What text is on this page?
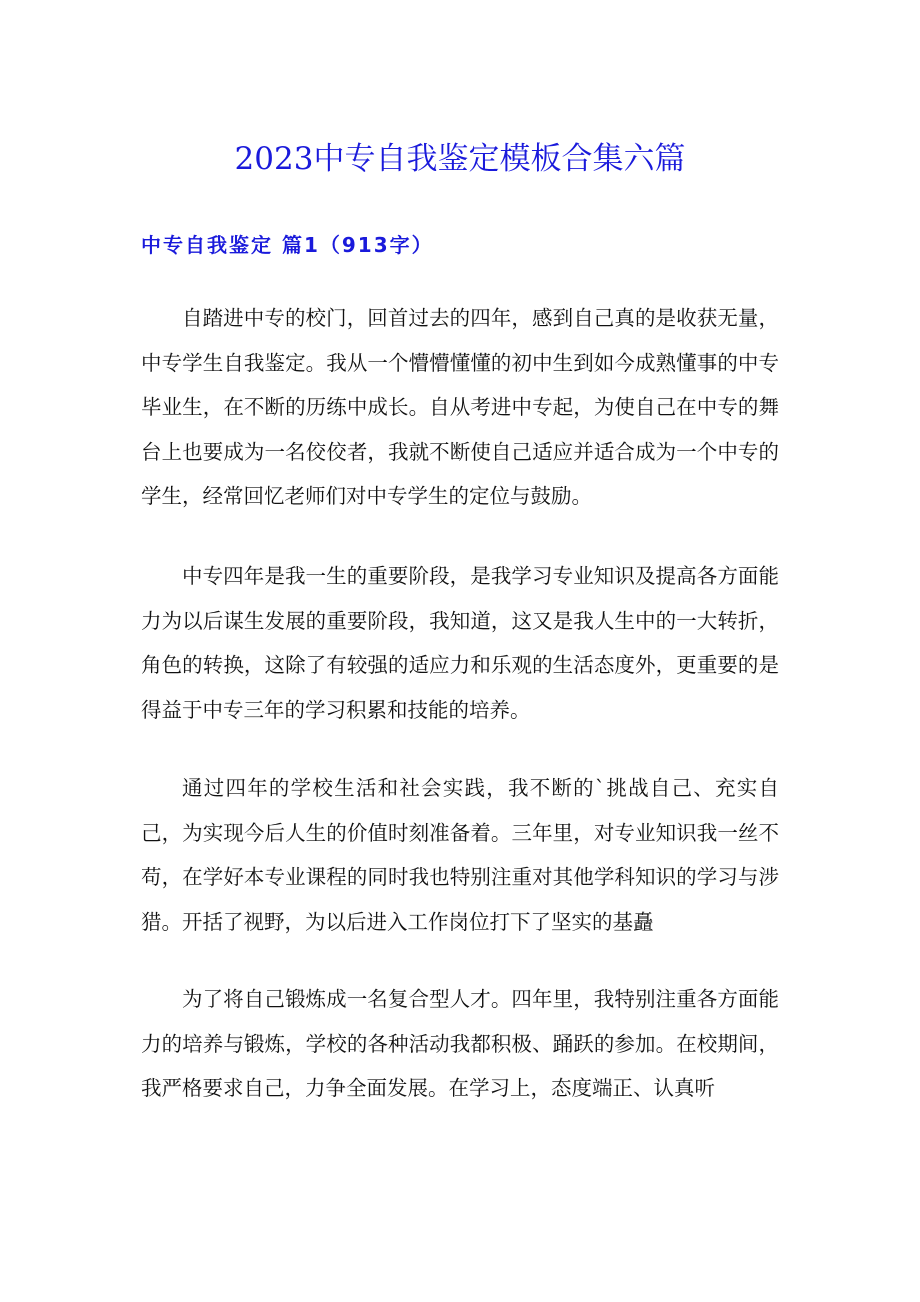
2023中专自我鉴定模板合集六篇
中专自我鉴定 篇1（913字）

自踏进中专的校门，回首过去的四年，感到自己真的是收获无量，中专学生自我鉴定。我从一个懵懵懂懂的初中生到如今成熟懂事的中专毕业生，在不断的历练中成长。自从考进中专起，为使自己在中专的舞台上也要成为一名佼佼者，我就不断使自己适应并适合成为一个中专的学生，经常回忆老师们对中专学生的定位与鼓励。

中专四年是我一生的重要阶段，是我学习专业知识及提高各方面能力为以后谋生发展的重要阶段，我知道，这又是我人生中的一大转折，角色的转换，这除了有较强的适应力和乐观的生活态度外，更重要的是得益于中专三年的学习积累和技能的培养。

通过四年的学校生活和社会实践，我不断的`挑战自己、充实自己，为实现今后人生的价值时刻准备着。三年里，对专业知识我一丝不苟，在学好本专业课程的同时我也特别注重对其他学科知识的学习与涉猎。开括了视野，为以后进入工作岗位打下了坚实的基矗

为了将自己锻炼成一名复合型人才。四年里，我特别注重各方面能力的培养与锻炼，学校的各种活动我都积极、踊跃的参加。在校期间，我严格要求自己，力争全面发展。在学习上，态度端正、认真听
